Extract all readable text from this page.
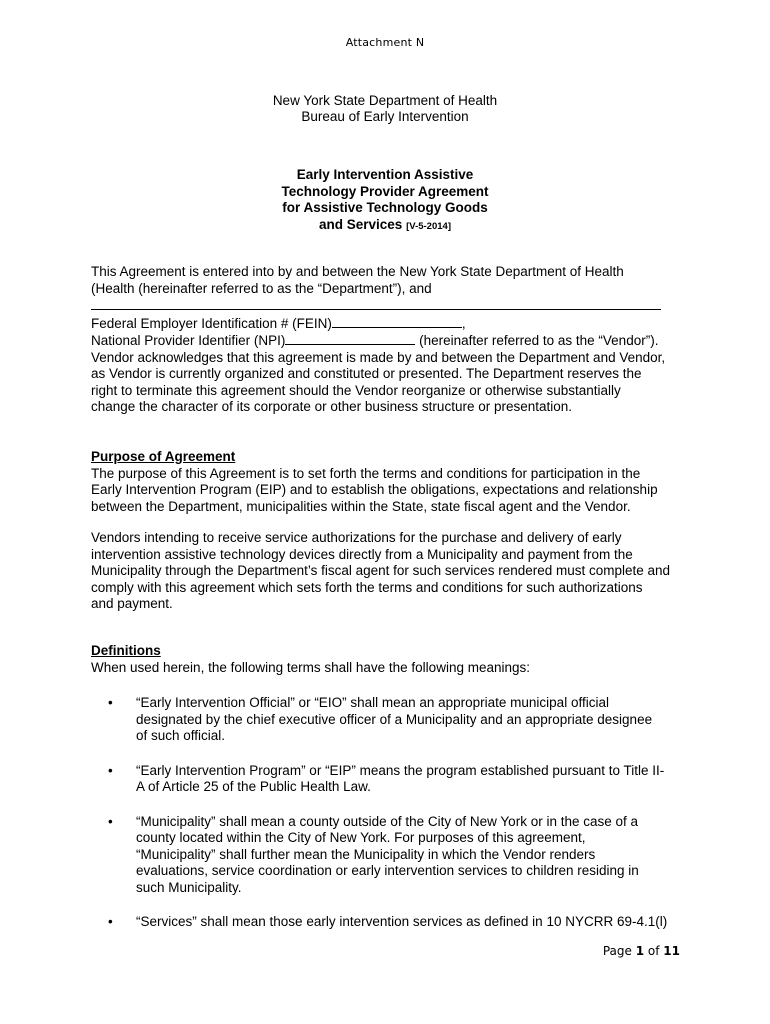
Attachment N
New York State Department of Health
Bureau of Early Intervention
Early Intervention Assistive
Technology Provider Agreement
for Assistive Technology Goods
and Services [V-5-2014]
This Agreement is entered into by and between the New York State Department of Health
(Health (hereinafter referred to as the “Department”), and
Federal Employer Identification # (FEIN)	,
National Provider Identifier (NPI)	(hereinafter referred to as the “Vendor”).
Vendor acknowledges that this agreement is made by and between the Department and Vendor,
as Vendor is currently organized and constituted or presented. The Department reserves the
right to terminate this agreement should the Vendor reorganize or otherwise substantially
change the character of its corporate or other business structure or presentation.
Purpose of Agreement
The purpose of this Agreement is to set forth the terms and conditions for participation in the
Early Intervention Program (EIP) and to establish the obligations, expectations and relationship
between the Department, municipalities within the State, state fiscal agent and the Vendor.
Vendors intending to receive service authorizations for the purchase and delivery of early
intervention assistive technology devices directly from a Municipality and payment from the
Municipality through the Department’s fiscal agent for such services rendered must complete and
comply with this agreement which sets forth the terms and conditions for such authorizations
and payment.
Definitions
When used herein, the following terms shall have the following meanings:
• “Early Intervention Official” or “EIO” shall mean an appropriate municipal official
designated by the chief executive officer of a Municipality and an appropriate designee
of such official.
• “Early Intervention Program” or “EIP” means the program established pursuant to Title II-
A of Article 25 of the Public Health Law.
• “Municipality” shall mean a county outside of the City of New York or in the case of a
county located within the City of New York. For purposes of this agreement,
“Municipality” shall further mean the Municipality in which the Vendor renders
evaluations, service coordination or early intervention services to children residing in
such Municipality.
• “Services” shall mean those early intervention services as defined in 10 NYCRR 69-4.1(l)
Page 1 of 11
